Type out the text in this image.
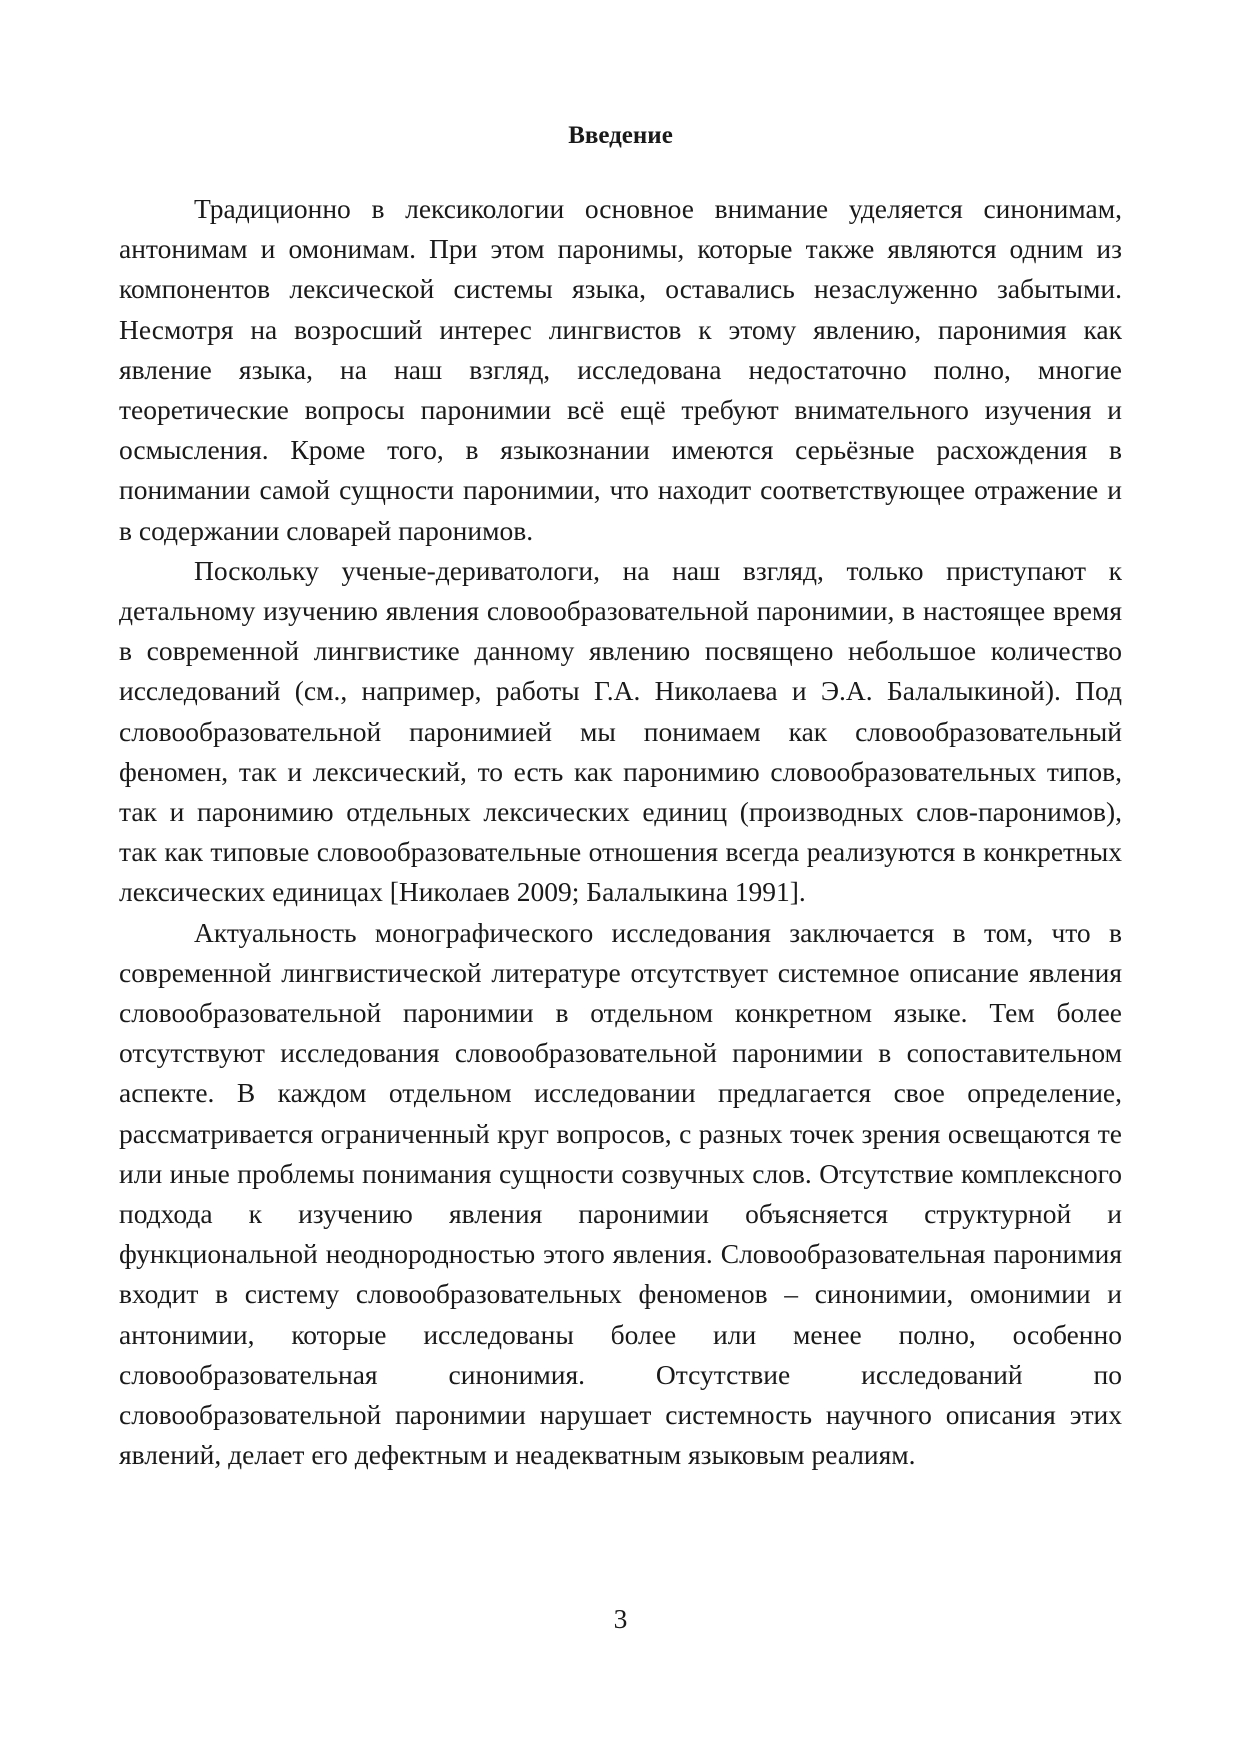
Введение

Традиционно в лексикологии основное внимание уделяется синонимам, антонимам и омонимам. При этом паронимы, которые также являются одним из компонентов лексической системы языка, оставались незаслуженно забытыми. Несмотря на возросший интерес лингвистов к этому явлению, паронимия как явление языка, на наш взгляд, исследована недостаточно полно, многие теоретические вопросы паронимии всё ещё требуют внимательного изучения и осмысления. Кроме того, в языкознании имеются серьёзные расхождения в понимании самой сущности паронимии, что находит соответствующее отражение и в содержании словарей паронимов.

Поскольку ученые-дериватологи, на наш взгляд, только приступают к детальному изучению явления словообразовательной паронимии, в настоящее время в современной лингвистике данному явлению посвящено небольшое количество исследований (см., например, работы Г.А. Николаева и Э.А. Балалыкиной). Под словообразовательной паронимией мы понимаем как словообразовательный феномен, так и лексический, то есть как паронимию словообразовательных типов, так и паронимию отдельных лексических единиц (производных слов-паронимов), так как типовые словообразовательные отношения всегда реализуются в конкретных лексических единицах [Николаев 2009; Балалыкина 1991].

Актуальность монографического исследования заключается в том, что в современной лингвистической литературе отсутствует системное описание явления словообразовательной паронимии в отдельном конкретном языке. Тем более отсутствуют исследования словообразовательной паронимии в сопоставительном аспекте. В каждом отдельном исследовании предлагается свое определение, рассматривается ограниченный круг вопросов, с разных точек зрения освещаются те или иные проблемы понимания сущности созвучных слов. Отсутствие комплексного подхода к изучению явления паронимии объясняется структурной и функциональной неоднородностью этого явления. Словообразовательная паронимия входит в систему словообразовательных феноменов – синонимии, омонимии и антонимии, которые исследованы более или менее полно, особенно словообразовательная синонимия. Отсутствие исследований по словообразовательной паронимии нарушает системность научного описания этих явлений, делает его дефектным и неадекватным языковым реалиям.

3
